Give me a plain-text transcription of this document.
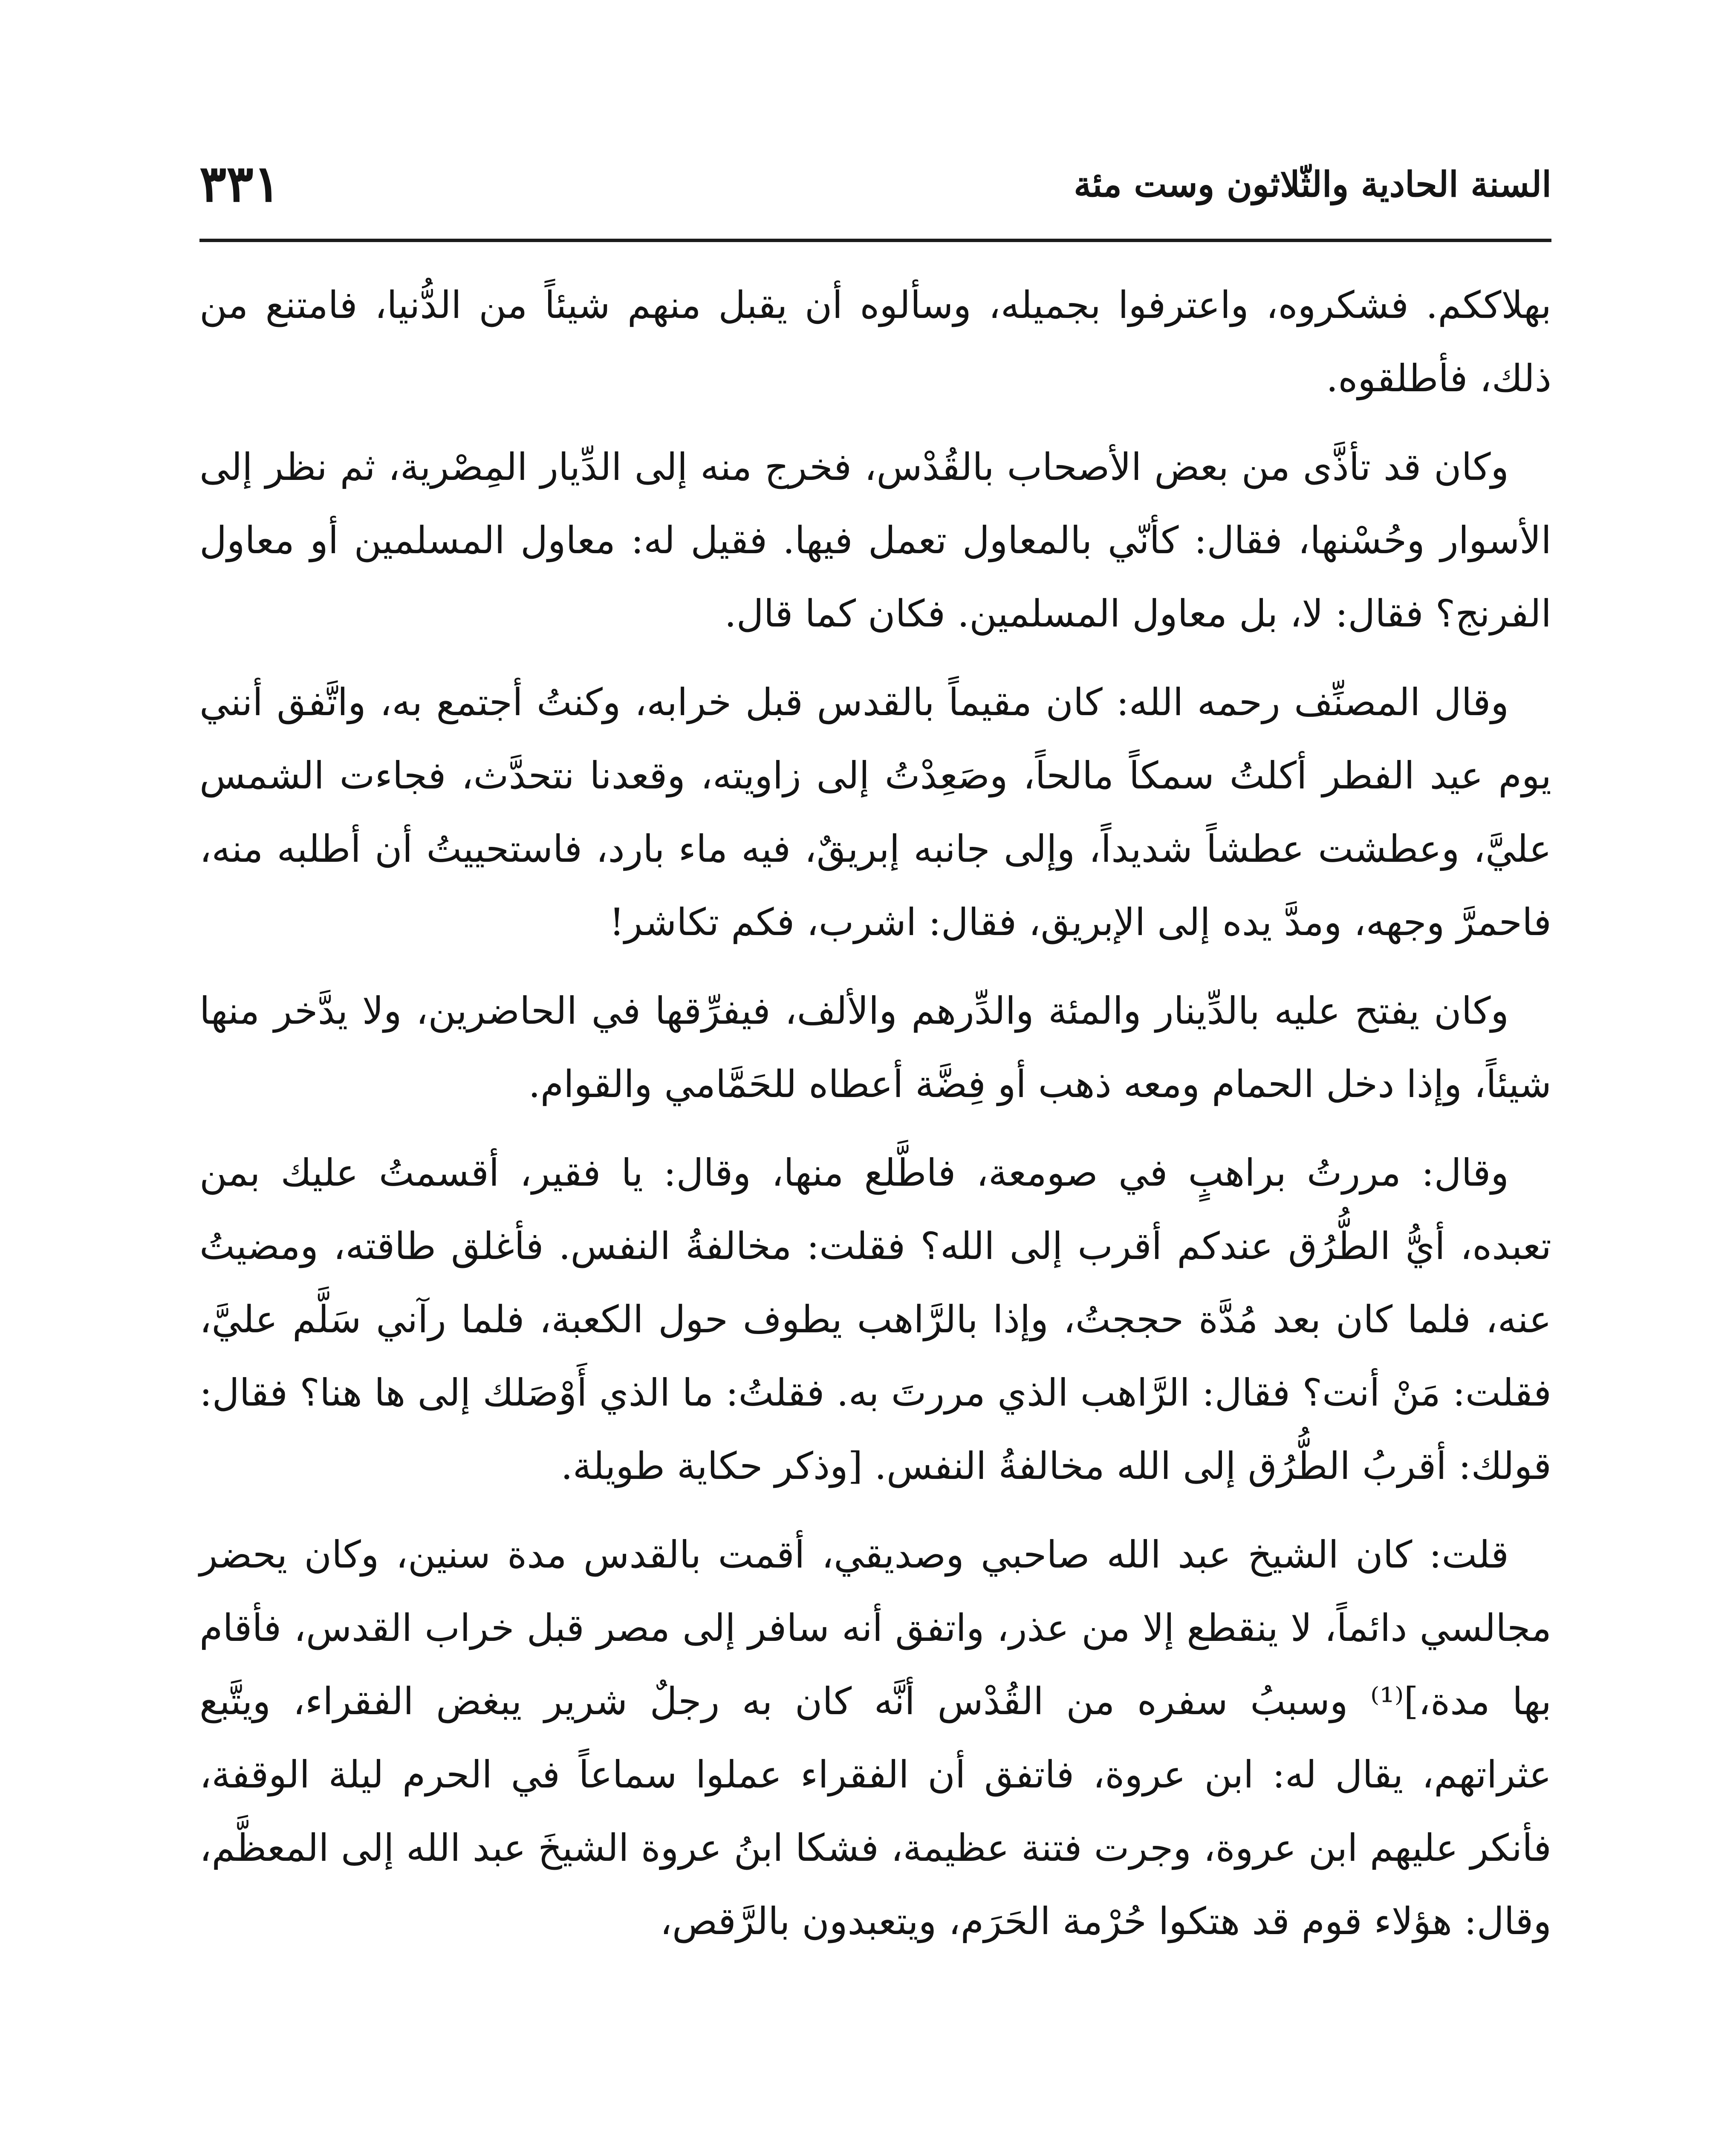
السنة الحادية والثّلاثون وست مئة
٣٣١

بهلاككم. فشكروه، واعترفوا بجميله، وسألوه أن يقبل منهم شيئاً من الدُّنيا، فامتنع من ذلك، فأطلقوه.

وكان قد تأذَّى من بعض الأصحاب بالقُدْس، فخرج منه إلى الدِّيار المِصْرية، ثم نظر إلى الأسوار وحُسْنها، فقال: كأنّي بالمعاول تعمل فيها. فقيل له: معاول المسلمين أو معاول الفرنج؟ فقال: لا، بل معاول المسلمين. فكان كما قال.

وقال المصنِّف رحمه الله: كان مقيماً بالقدس قبل خرابه، وكنتُ أجتمع به، واتَّفق أنني يوم عيد الفطر أكلتُ سمكاً مالحاً، وصَعِدْتُ إلى زاويته، وقعدنا نتحدَّث، فجاءت الشمس عليَّ، وعطشت عطشاً شديداً، وإلى جانبه إبريقٌ، فيه ماء بارد، فاستحييتُ أن أطلبه منه، فاحمرَّ وجهه، ومدَّ يده إلى الإبريق، فقال: اشرب، فكم تكاشر!

وكان يفتح عليه بالدِّينار والمئة والدِّرهم والألف، فيفرِّقها في الحاضرين، ولا يدَّخر منها شيئاً، وإذا دخل الحمام ومعه ذهب أو فِضَّة أعطاه للحَمَّامي والقوام.

وقال: مررتُ براهبٍ في صومعة، فاطَّلع منها، وقال: يا فقير، أقسمتُ عليك بمن تعبده، أيُّ الطُّرُق عندكم أقرب إلى الله؟ فقلت: مخالفةُ النفس. فأغلق طاقته، ومضيتُ عنه، فلما كان بعد مُدَّة حججتُ، وإذا بالرَّاهب يطوف حول الكعبة، فلما رآني سَلَّم عليَّ، فقلت: مَنْ أنت؟ فقال: الرَّاهب الذي مررتَ به. فقلتُ: ما الذي أَوْصَلك إلى ها هنا؟ فقال: قولك: أقربُ الطُّرُق إلى الله مخالفةُ النفس. [وذكر حكاية طويلة.

قلت: كان الشيخ عبد الله صاحبي وصديقي، أقمت بالقدس مدة سنين، وكان يحضر مجالسي دائماً، لا ينقطع إلا من عذر، واتفق أنه سافر إلى مصر قبل خراب القدس، فأقام بها مدة،]⁽¹⁾ وسببُ سفره من القُدْس أنَّه كان به رجلٌ شرير يبغض الفقراء، ويتَّبع عثراتهم، يقال له: ابن عروة، فاتفق أن الفقراء عملوا سماعاً في الحرم ليلة الوقفة، فأنكر عليهم ابن عروة، وجرت فتنة عظيمة، فشكا ابنُ عروة الشيخَ عبد الله إلى المعظَّم، وقال: هؤلاء قوم قد هتكوا حُرْمة الحَرَم، ويتعبدون بالرَّقص،
